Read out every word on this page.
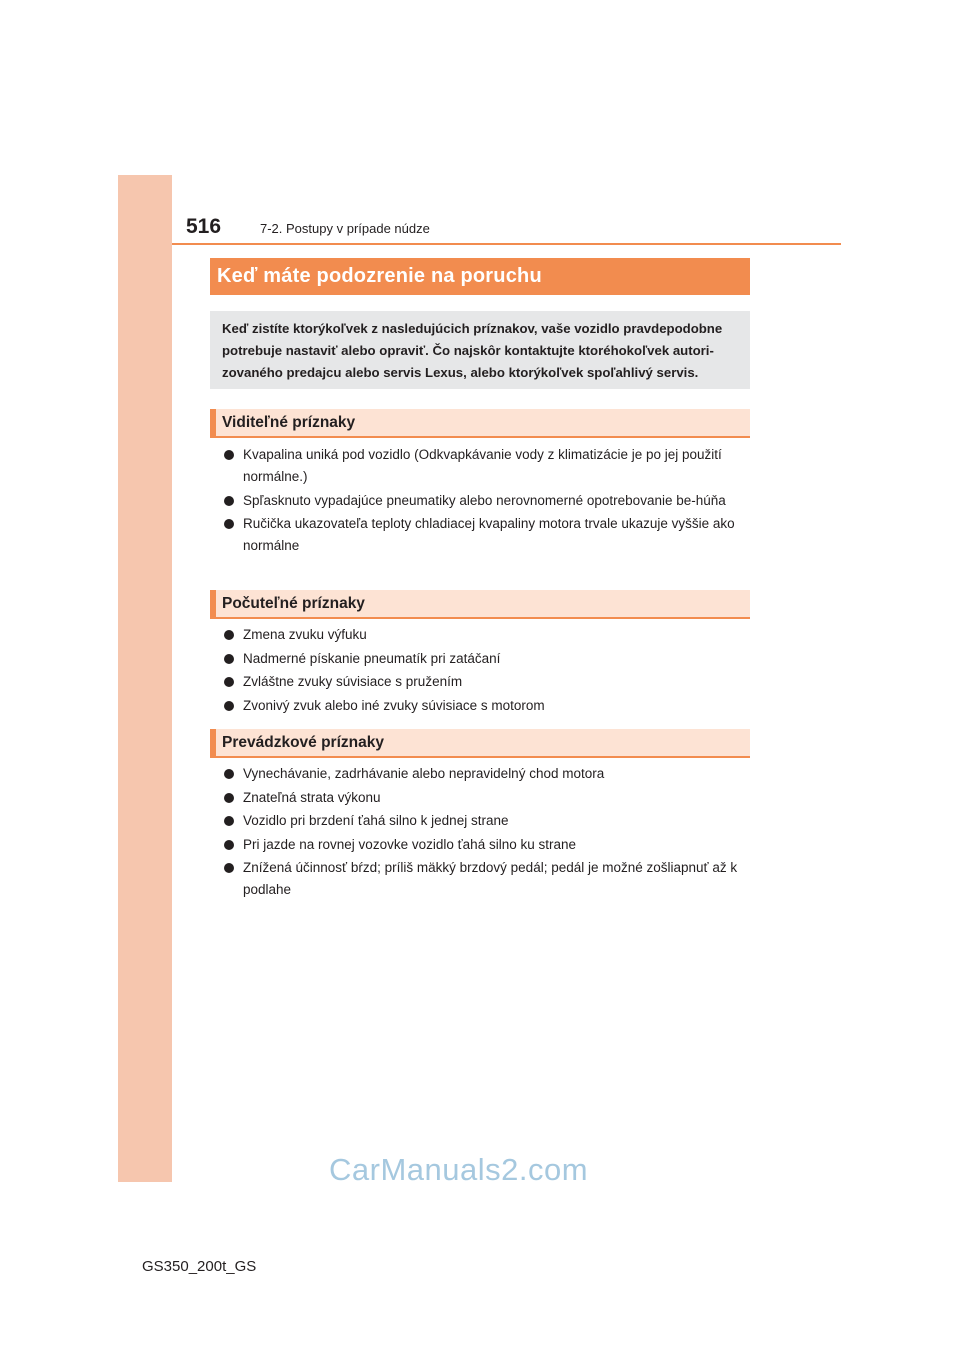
516	7-2. Postupy v prípade núdze
Keď máte podozrenie na poruchu
Keď zistíte ktorýkoľvek z nasledujúcich príznakov, vaše vozidlo pravdepodobne potrebuje nastaviť alebo opraviť. Čo najskôr kontaktujte ktoréhokoľvek autori-zovaného predajcu alebo servis Lexus, alebo ktorýkoľvek spoľahlivý servis.
Viditeľné príznaky
Kvapalina uniká pod vozidlo (Odkvapkávanie vody z klimatizácie je po jej použití normálne.)
Spľasknuto vypadajúce pneumatiky alebo nerovnomerné opotrebovanie be-húňa
Ručička ukazovateľa teploty chladiacej kvapaliny motora trvale ukazuje vyššie ako normálne
Počuteľné príznaky
Zmena zvuku výfuku
Nadmerné pískanie pneumatík pri zatáčaní
Zvláštne zvuky súvisiace s pružením
Zvonivý zvuk alebo iné zvuky súvisiace s motorom
Prevádzkové príznaky
Vynechávanie, zadrhávanie alebo nepravidelný chod motora
Znateľná strata výkonu
Vozidlo pri brzdení ťahá silno k jednej strane
Pri jazde na rovnej vozovke vozidlo ťahá silno ku strane
Znížená účinnosť bŕzd; príliš mäkký brzdový pedál; pedál je možné zošliapnuť až k podlahe
CarManuals2.com
GS350_200t_GS
